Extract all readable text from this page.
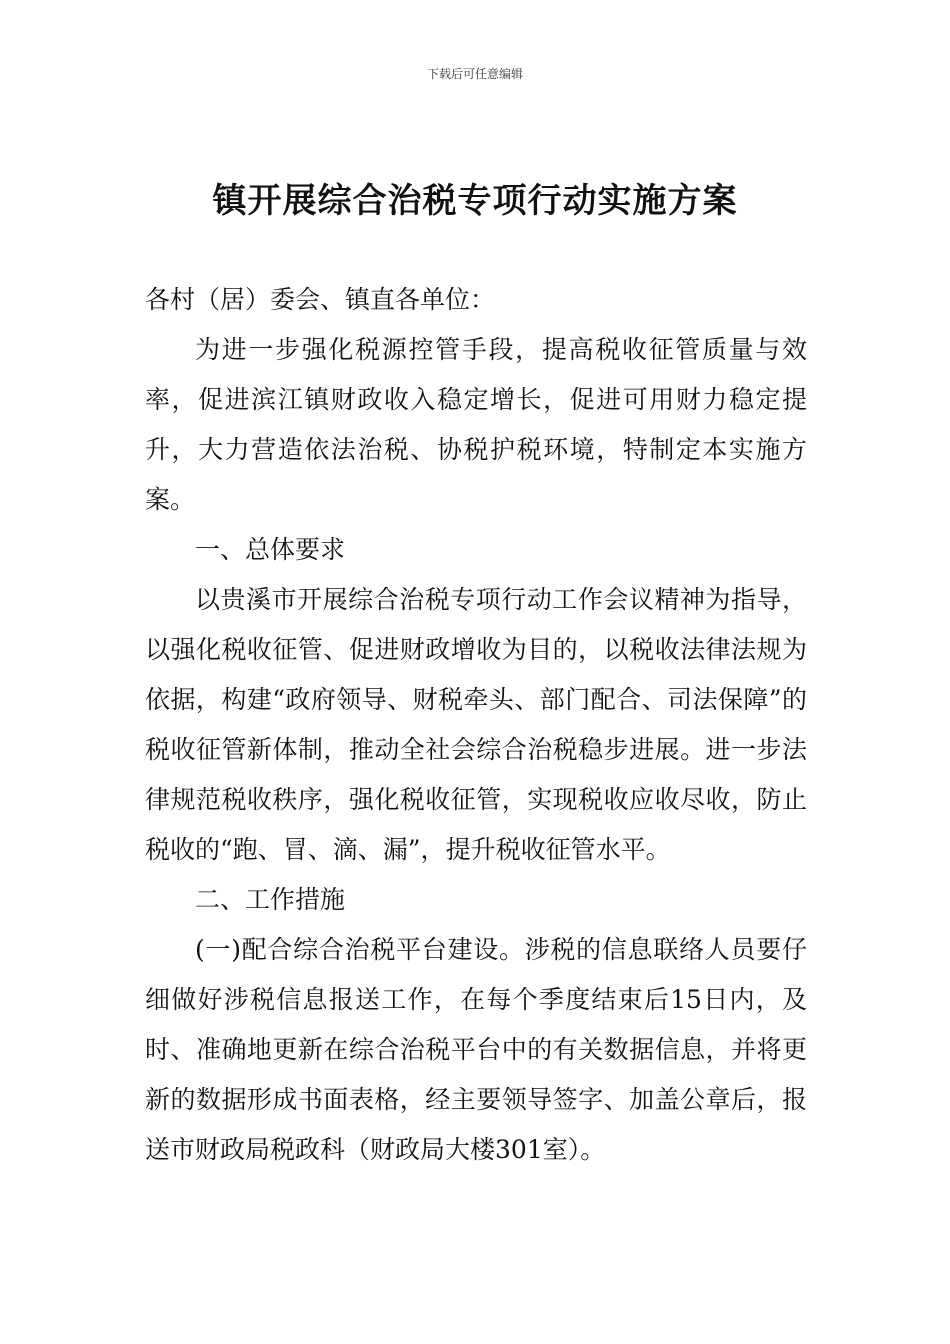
下载后可任意编辑
镇开展综合治税专项行动实施方案

各村（居）委会、镇直各单位：

为进一步强化税源控管手段，提高税收征管质量与效率，促进滨江镇财政收入稳定增长，促进可用财力稳定提升，大力营造依法治税、协税护税环境，特制定本实施方案。

一、总体要求

以贵溪市开展综合治税专项行动工作会议精神为指导，以强化税收征管、促进财政增收为目的，以税收法律法规为依据，构建“政府领导、财税牵头、部门配合、司法保障”的税收征管新体制，推动全社会综合治税稳步进展。进一步法律规范税收秩序，强化税收征管，实现税收应收尽收，防止税收的“跑、冒、滴、漏”，提升税收征管水平。

二、工作措施

(一)配合综合治税平台建设。涉税的信息联络人员要仔细做好涉税信息报送工作，在每个季度结束后15日内，及时、准确地更新在综合治税平台中的有关数据信息，并将更新的数据形成书面表格，经主要领导签字、加盖公章后，报送市财政局税政科（财政局大楼301室）。
